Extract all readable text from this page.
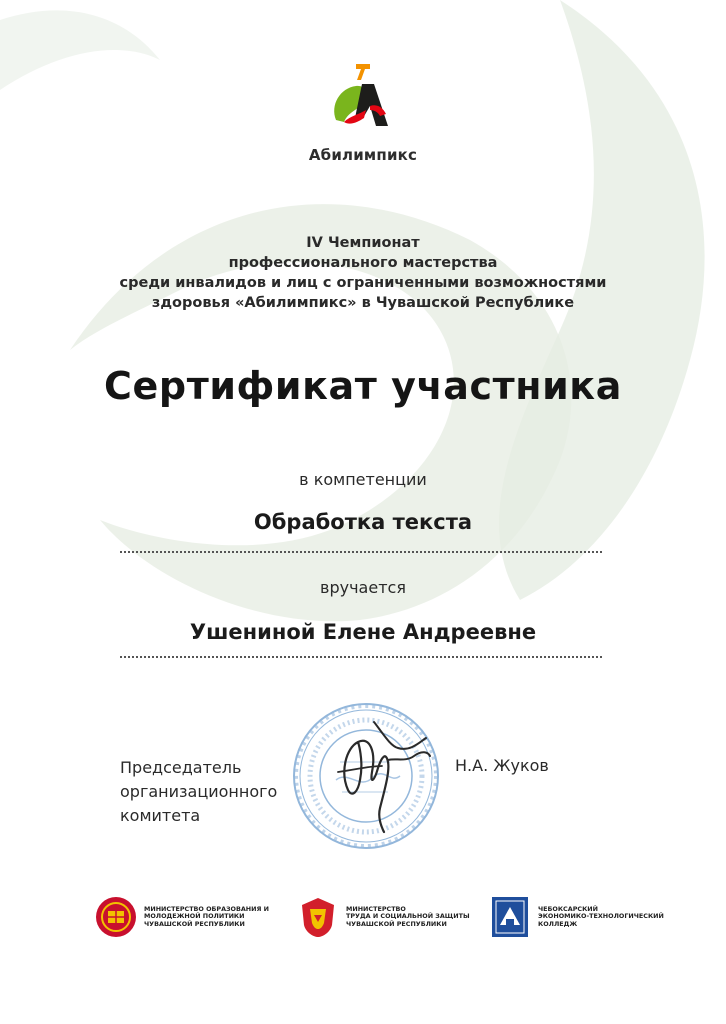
Абилимпикс
IV Чемпионат
профессионального мастерства
среди инвалидов и лиц с ограниченными возможностями
здоровья «Абилимпикс» в Чувашской Республике
Сертификат участника
в компетенции
Обработка текста
вручается
Ушениной Елене Андреевне
Председатель
организационного
комитета
Н.А. Жуков
МИНИСТЕРСТВО ОБРАЗОВАНИЯ И
МОЛОДЕЖНОЙ ПОЛИТИКИ
ЧУВАШСКОЙ РЕСПУБЛИКИ
МИНИСТЕРСТВО
ТРУДА И СОЦИАЛЬНОЙ ЗАЩИТЫ
ЧУВАШСКОЙ РЕСПУБЛИКИ
ЧЕБОКСАРСКИЙ
ЭКОНОМИКО-ТЕХНОЛОГИЧЕСКИЙ
КОЛЛЕДЖ
